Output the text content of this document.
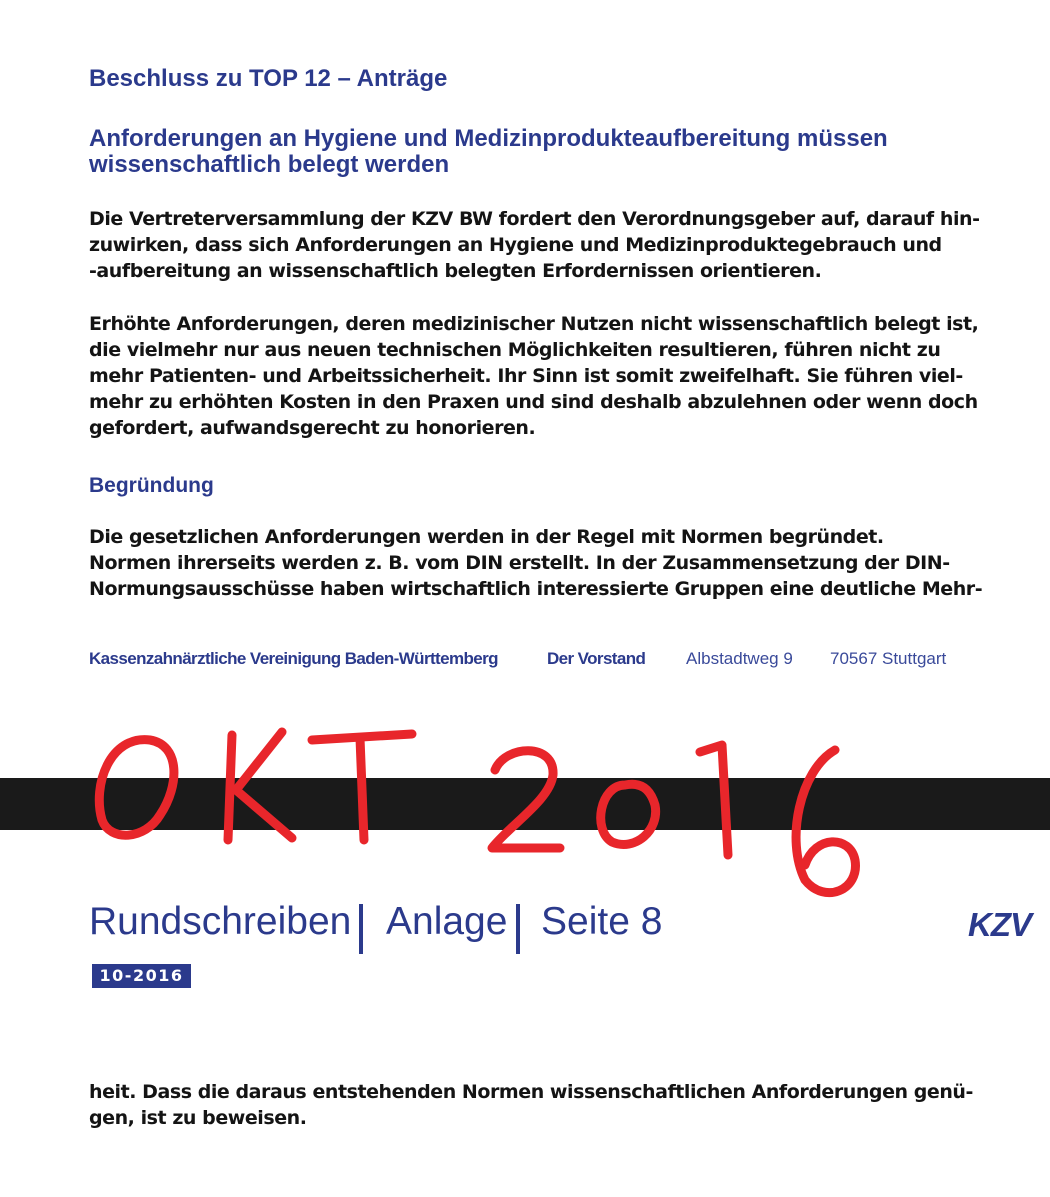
Beschluss zu TOP 12 – Anträge
Anforderungen an Hygiene und Medizinprodukteaufbereitung müssen
wissenschaftlich belegt werden
Die Vertreterversammlung der KZV BW fordert den Verordnungsgeber auf, darauf hin-
zuwirken, dass sich Anforderungen an Hygiene und Medizinproduktegebrauch und
-aufbereitung an wissenschaftlich belegten Erfordernissen orientieren.
Erhöhte Anforderungen, deren medizinischer Nutzen nicht wissenschaftlich belegt ist,
die vielmehr nur aus neuen technischen Möglichkeiten resultieren, führen nicht zu
mehr Patienten- und Arbeitssicherheit. Ihr Sinn ist somit zweifelhaft. Sie führen viel-
mehr zu erhöhten Kosten in den Praxen und sind deshalb abzulehnen oder wenn doch
gefordert, aufwandsgerecht zu honorieren.
Begründung
Die gesetzlichen Anforderungen werden in der Regel mit Normen begründet.
Normen ihrerseits werden z. B. vom DIN erstellt. In der Zusammensetzung der DIN-
Normungsausschüsse haben wirtschaftlich interessierte Gruppen eine deutliche Mehr-
Kassenzahnärztliche Vereinigung Baden-Württemberg	Der Vorstand Albstadtweg 9 70567 Stuttgart
Rundschreiben Anlage Seite 8	KZV
10-2016
heit. Dass die daraus entstehenden Normen wissenschaftlichen Anforderungen genü-
gen, ist zu beweisen.
